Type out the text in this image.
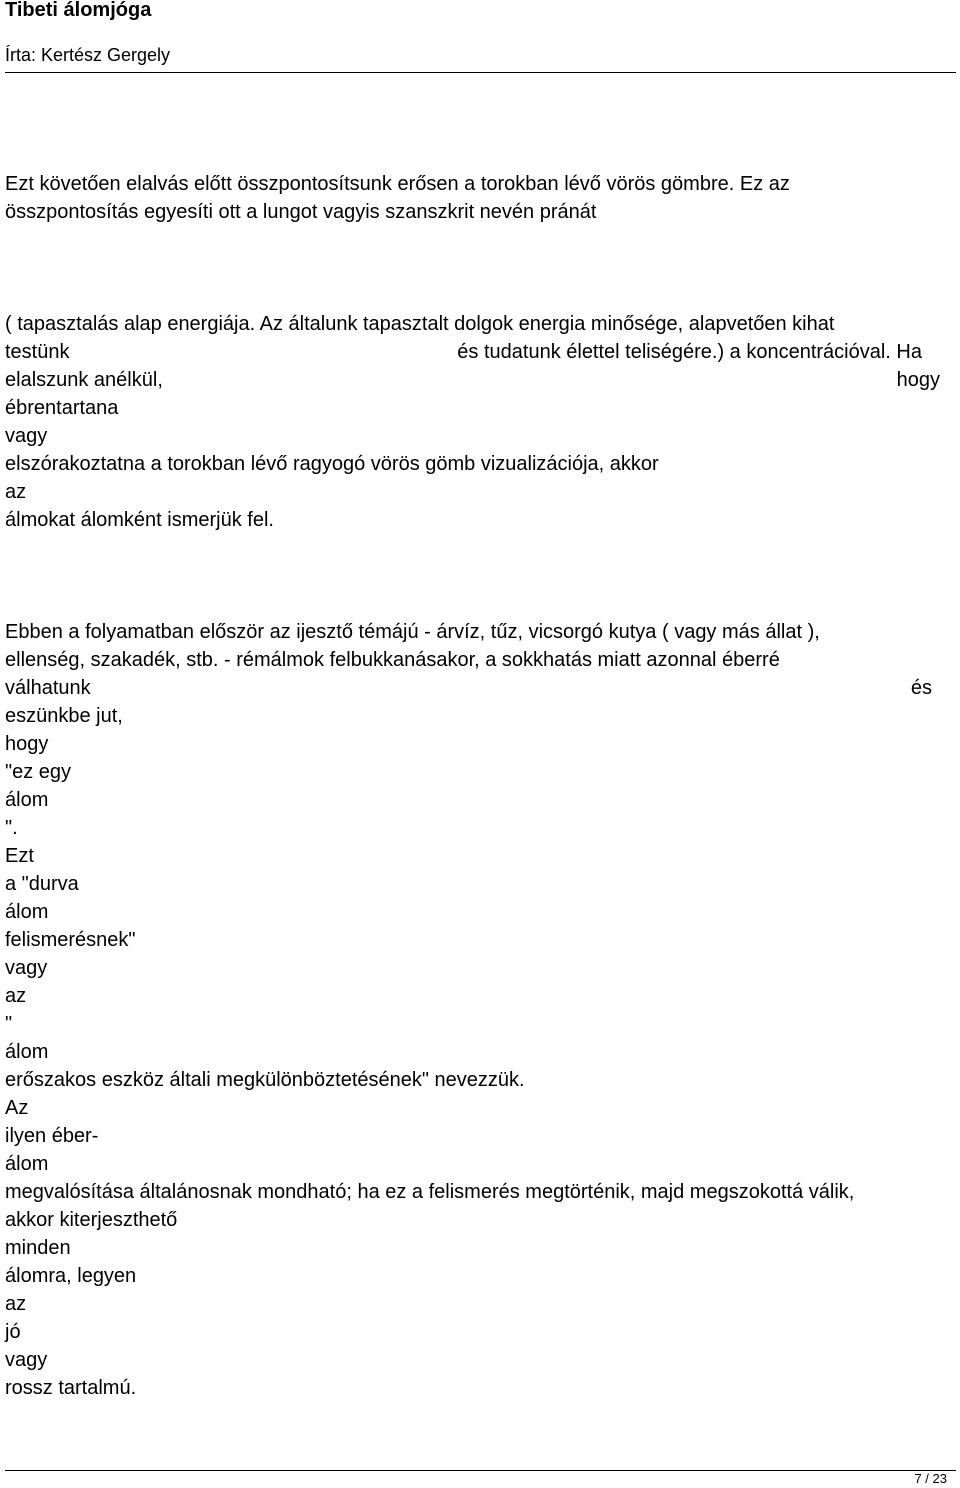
Tibeti álomjóga
Írta: Kertész Gergely
Ezt követően elalvás előtt összpontosítsunk erősen a torokban lévő vörös gömbre. Ez az
összpontosítás egyesíti ott a lungot vagyis szanszkrit nevén pránát
( tapasztalás alap energiája. Az általunk tapasztalt dolgok energia minősége, alapvetően kihat
testünk	és tudatunk élettel teliségére.) a koncentrációval. Ha
elalszunk anélkül,	hogy
ébrentartana
vagy
elszórakoztatna a torokban lévő ragyogó vörös gömb vizualizációja, akkor
az
álmokat álomként ismerjük fel.
Ebben a folyamatban először az ijesztő témájú - árvíz, tűz, vicsorgó kutya ( vagy más állat ),
ellenség, szakadék, stb. - rémálmok felbukkanásakor, a sokkhatás miatt azonnal éberré
válhatunk	és
eszünkbe jut,
hogy
"ez egy
álom
".
Ezt
a "durva
álom
felismerésnek"
vagy
az
"
álom
erőszakos eszköz általi megkülönböztetésének" nevezzük.
Az
ilyen éber-
álom
megvalósítása általánosnak mondható; ha ez a felismerés megtörténik, majd megszokottá válik,
akkor kiterjeszthető
minden
álomra, legyen
az
jó
vagy
rossz tartalmú.
7 / 23
